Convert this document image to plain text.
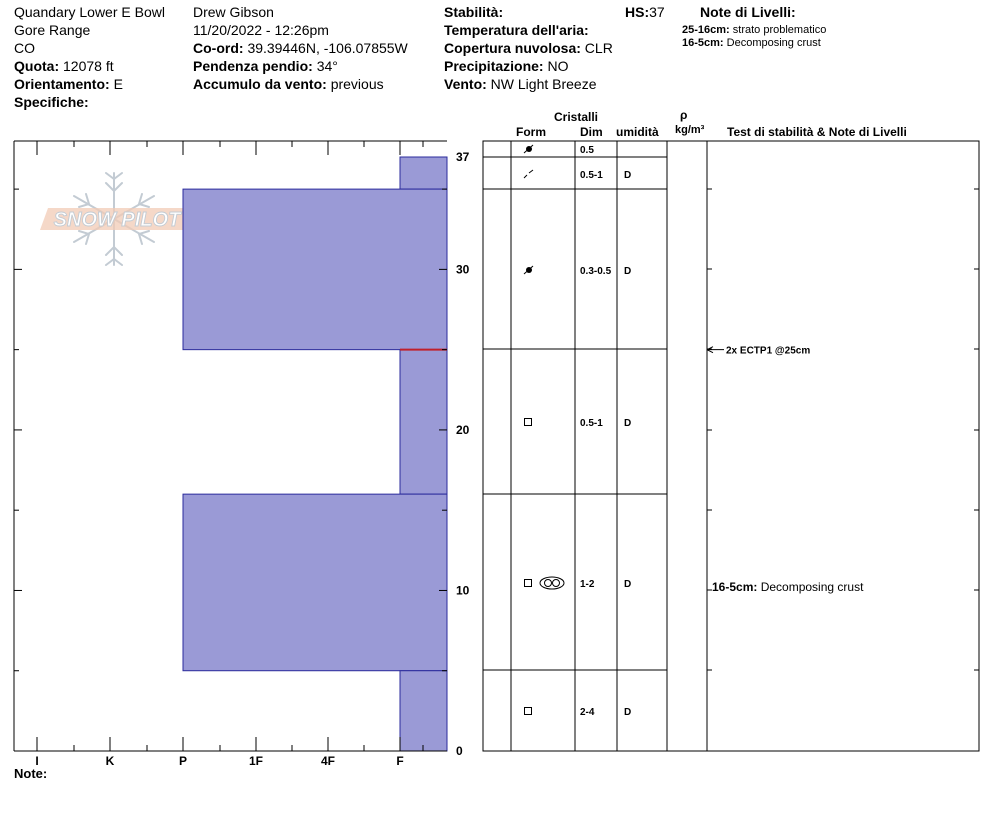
Quandary Lower E Bowl
Gore Range
CO
Quota: 12078 ft
Orientamento: E
Specifiche:
Drew Gibson
11/20/2022 - 12:26pm
Co-ord: 39.39446N, -106.07855W
Pendenza pendio: 34°
Accumulo da vento: previous
Stabilità:
Temperatura dell'aria:
Copertura nuvolosa: CLR
Precipitazione: NO
Vento: NW Light Breeze
HS:37	Note di Livelli:
25-16cm: strato problematico
16-5cm: Decomposing crust
Cristalli
Form	Dim umidità
ρ
kg/m³ Test di stabilità & Note di Livelli
SNOW PILOT
I	K	P	1F	4F	F
37
30
20
10
0
Note:
0.5
0.5-1 D
0.3-0.5 D
0.5-1 D
1-2	D
2-4	D
2x ECTP1 @25cm
16-5cm: Decomposing crust
